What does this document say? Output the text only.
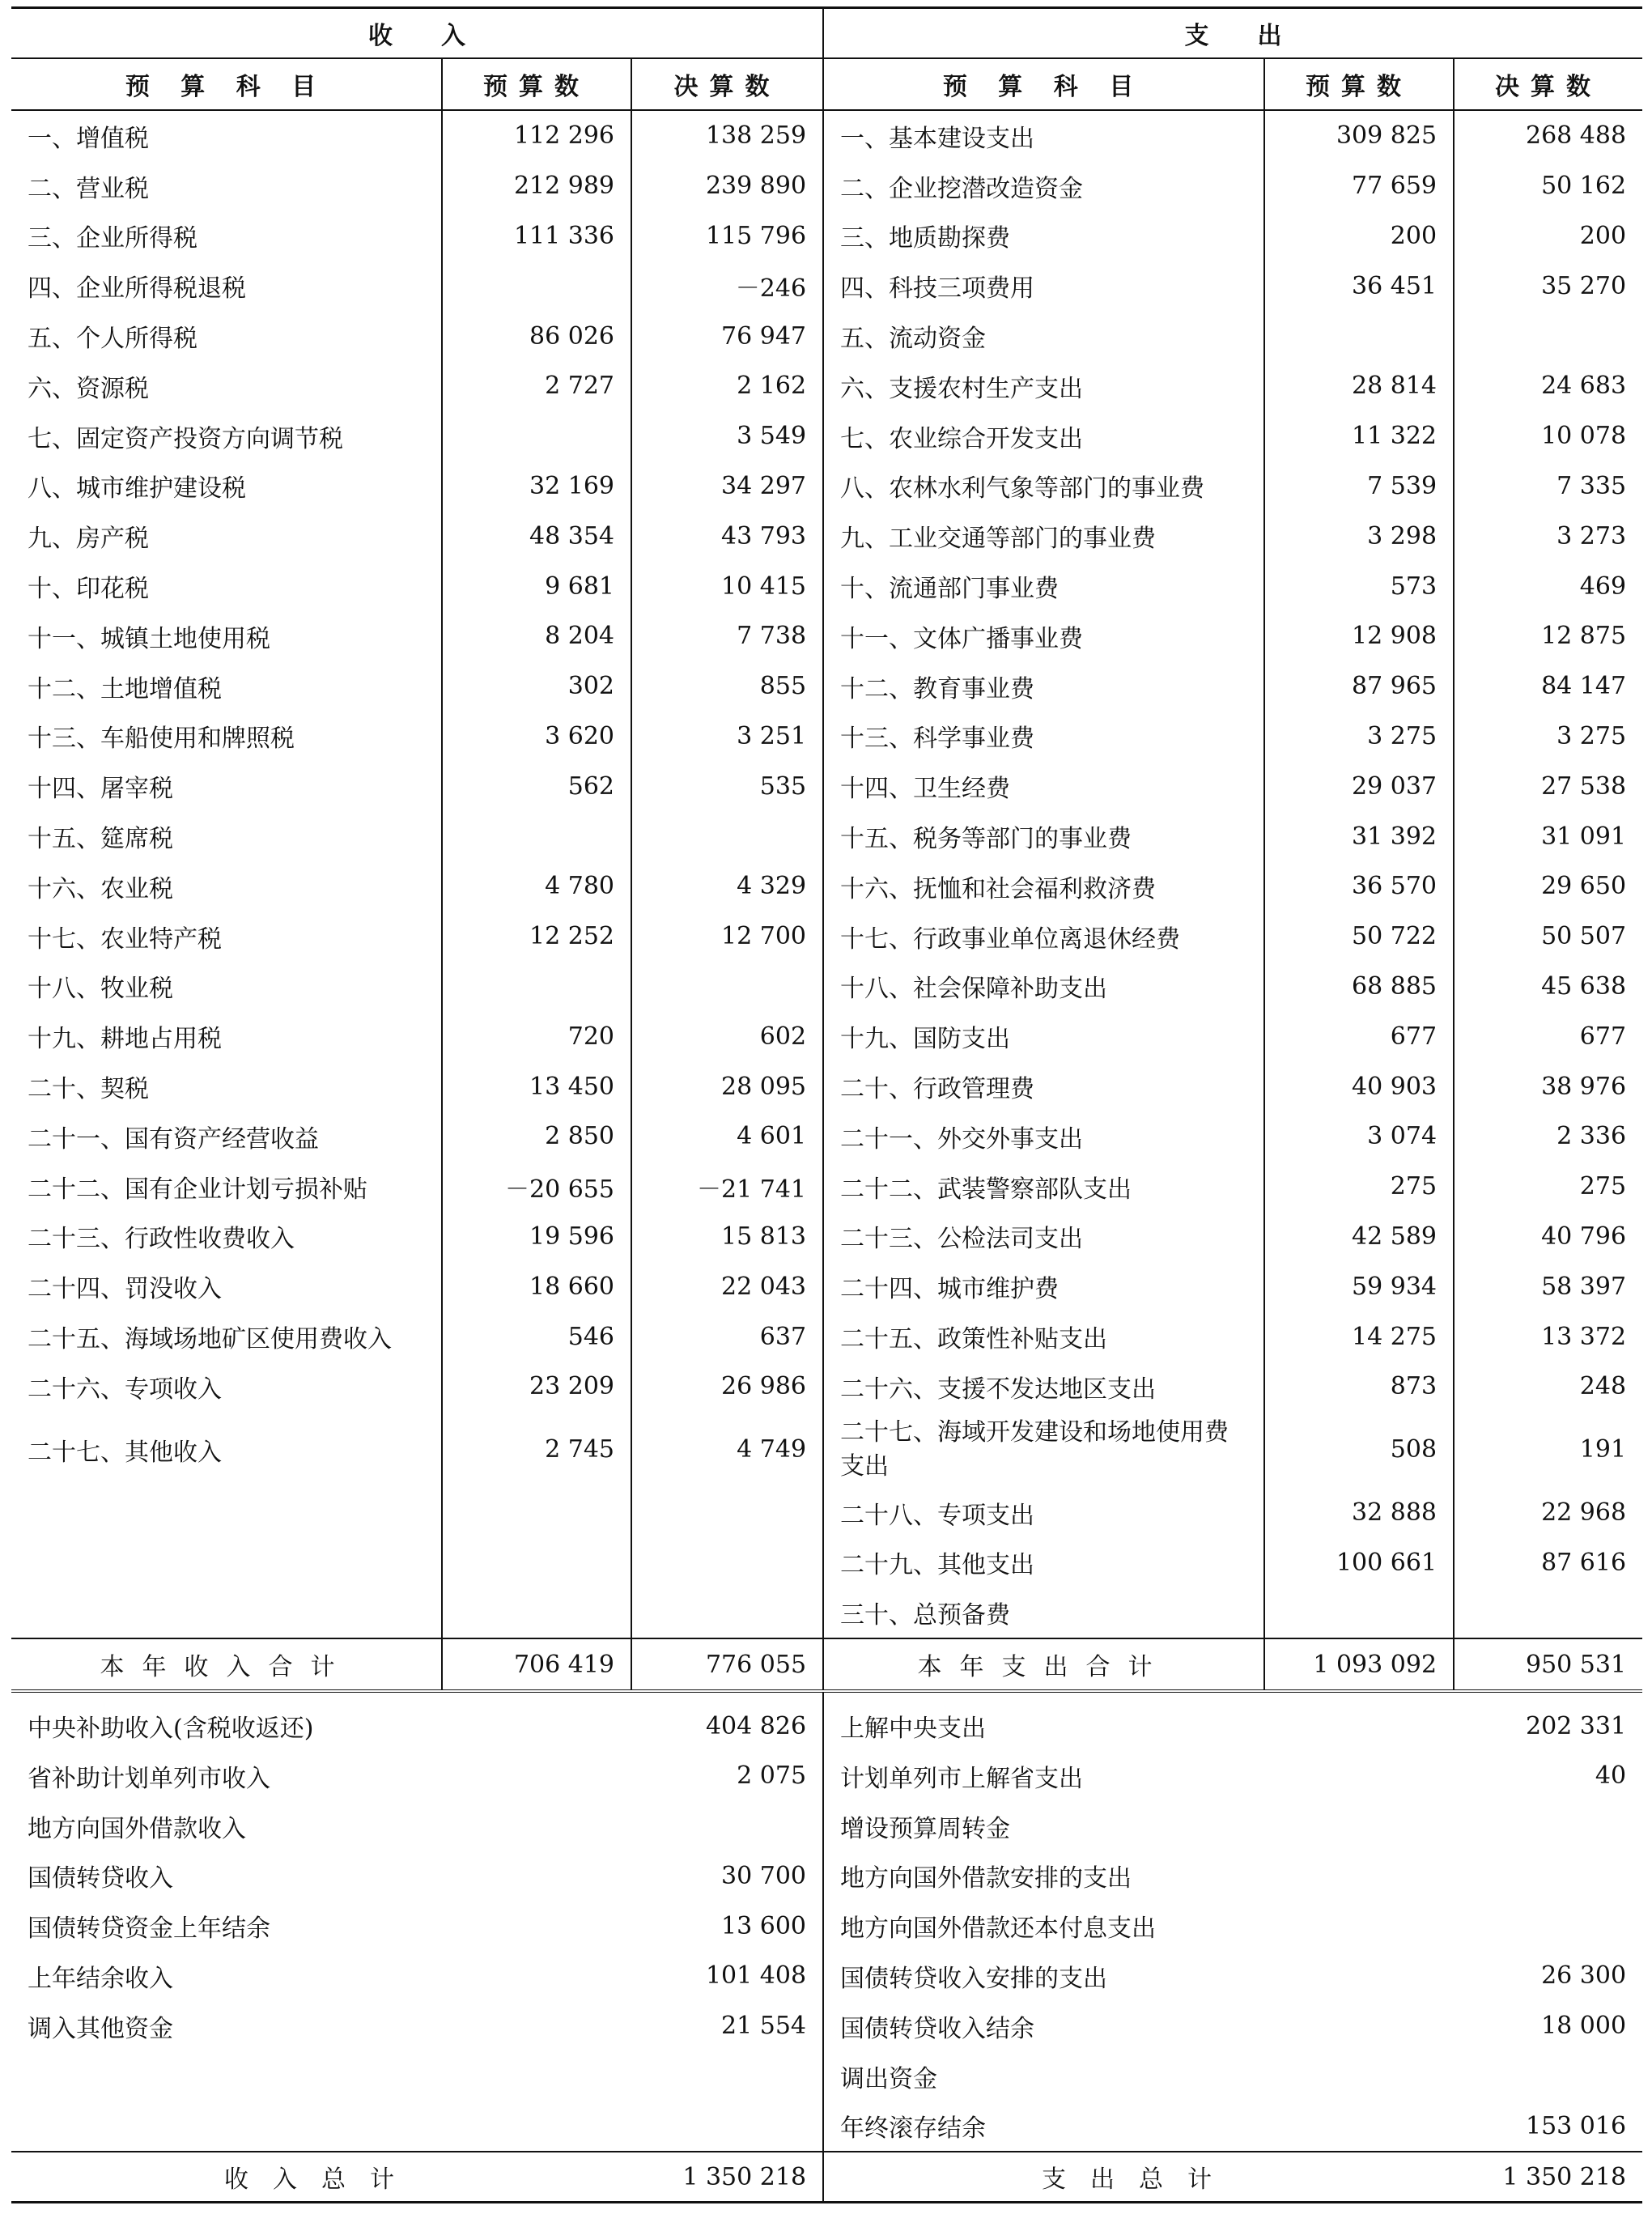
收　　入			支　　出		
预 算 科 目	预算数	决算数	预 算 科 目	预算数	决算数
一、增值税	112 296	138 259	一、基本建设支出	309 825	268 488
二、营业税	212 989	239 890	二、企业挖潜改造资金	77 659	50 162
三、企业所得税	111 336	115 796	三、地质勘探费	200	200
四、企业所得税退税		－246	四、科技三项费用	36 451	35 270
五、个人所得税	86 026	76 947	五、流动资金		
六、资源税	2 727	2 162	六、支援农村生产支出	28 814	24 683
七、固定资产投资方向调节税		3 549	七、农业综合开发支出	11 322	10 078
八、城市维护建设税	32 169	34 297	八、农林水利气象等部门的事业费	7 539	7 335
九、房产税	48 354	43 793	九、工业交通等部门的事业费	3 298	3 273
十、印花税	9 681	10 415	十、流通部门事业费	573	469
十一、城镇土地使用税	8 204	7 738	十一、文体广播事业费	12 908	12 875
十二、土地增值税	302	855	十二、教育事业费	87 965	84 147
十三、车船使用和牌照税	3 620	3 251	十三、科学事业费	3 275	3 275
十四、屠宰税	562	535	十四、卫生经费	29 037	27 538
十五、筵席税			十五、税务等部门的事业费	31 392	31 091
十六、农业税	4 780	4 329	十六、抚恤和社会福利救济费	36 570	29 650
十七、农业特产税	12 252	12 700	十七、行政事业单位离退休经费	50 722	50 507
十八、牧业税			十八、社会保障补助支出	68 885	45 638
十九、耕地占用税	720	602	十九、国防支出	677	677
二十、契税	13 450	28 095	二十、行政管理费	40 903	38 976
二十一、国有资产经营收益	2 850	4 601	二十一、外交外事支出	3 074	2 336
二十二、国有企业计划亏损补贴	－20 655	－21 741	二十二、武装警察部队支出	275	275
二十三、行政性收费收入	19 596	15 813	二十三、公检法司支出	42 589	40 796
二十四、罚没收入	18 660	22 043	二十四、城市维护费	59 934	58 397
二十五、海域场地矿区使用费收入	546	637	二十五、政策性补贴支出	14 275	13 372
二十六、专项收入	23 209	26 986	二十六、支援不发达地区支出	873	248
二十七、其他收入	2 745	4 749	二十七、海域开发建设和场地使用费支出	508	191
			二十八、专项支出	32 888	22 968
			二十九、其他支出	100 661	87 616
			三十、总预备费		
本年收入合计	706 419	776 055	本年支出合计	1 093 092	950 531
中央补助收入(含税收返还)		404 826	上解中央支出		202 331
省补助计划单列市收入		2 075	计划单列市上解省支出		40
地方向国外借款收入			增设预算周转金		
国债转贷收入		30 700	地方向国外借款安排的支出		
国债转贷资金上年结余		13 600	地方向国外借款还本付息支出		
上年结余收入		101 408	国债转贷收入安排的支出		26 300
调入其他资金		21 554	国债转贷收入结余		18 000
			调出资金		
			年终滚存结余		153 016
收入总计		1 350 218	支出总计		1 350 218
